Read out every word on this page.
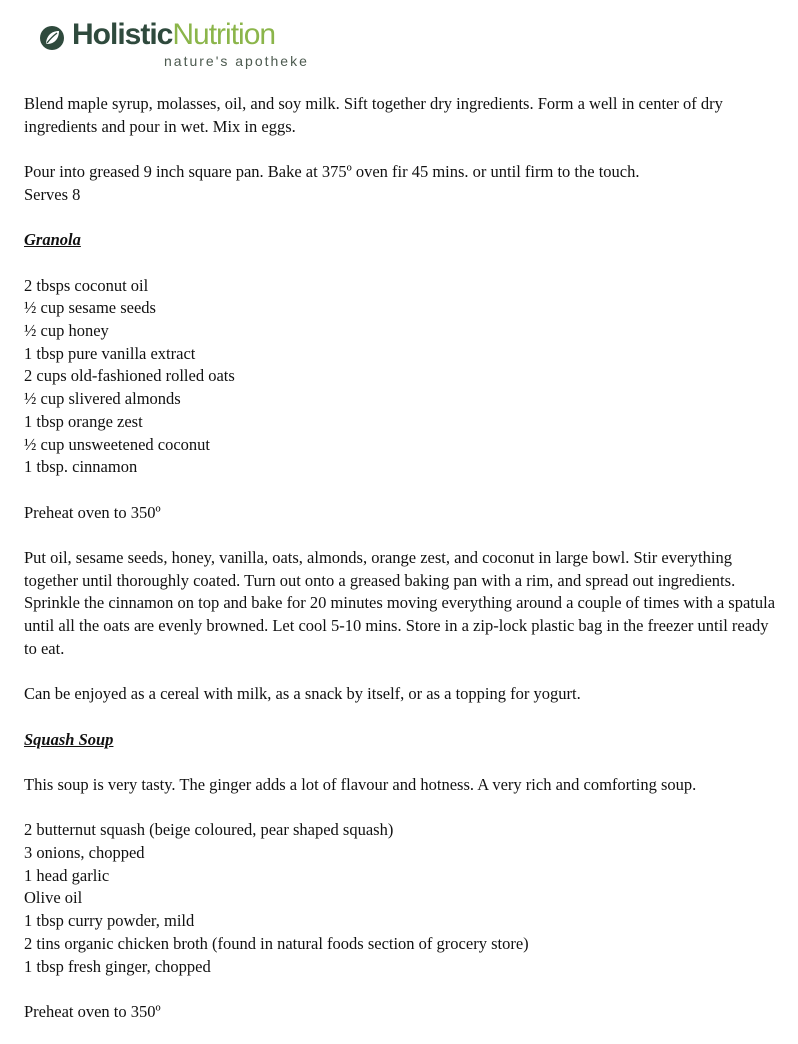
HolisticNutrition
nature's apotheke

Blend maple syrup, molasses, oil, and soy milk. Sift together dry ingredients. Form a well in center of dry ingredients and pour in wet. Mix in eggs.

Pour into greased 9 inch square pan. Bake at 375º oven fir 45 mins. or until firm to the touch.

Serves 8

Granola

2 tbsps coconut oil

½ cup sesame seeds

½ cup honey

1 tbsp pure vanilla extract

2 cups old-fashioned rolled oats

½ cup slivered almonds

1 tbsp orange zest

½ cup unsweetened coconut

1 tbsp. cinnamon

Preheat oven to 350º

Put oil, sesame seeds, honey, vanilla, oats, almonds, orange zest, and coconut in large bowl. Stir everything together until thoroughly coated. Turn out onto a greased baking pan with a rim, and spread out ingredients. Sprinkle the cinnamon on top and bake for 20 minutes moving everything around a couple of times with a spatula until all the oats are evenly browned. Let cool 5-10 mins. Store in a zip-lock plastic bag in the freezer until ready to eat.

Can be enjoyed as a cereal with milk, as a snack by itself, or as a topping for yogurt.

Squash Soup

This soup is very tasty. The ginger adds a lot of flavour and hotness. A very rich and comforting soup.

2 butternut squash (beige coloured, pear shaped squash)

3 onions, chopped

1 head garlic

Olive oil

1 tbsp curry powder, mild

2 tins organic chicken broth (found in natural foods section of grocery store)

1 tbsp fresh ginger, chopped

Preheat oven to 350º
